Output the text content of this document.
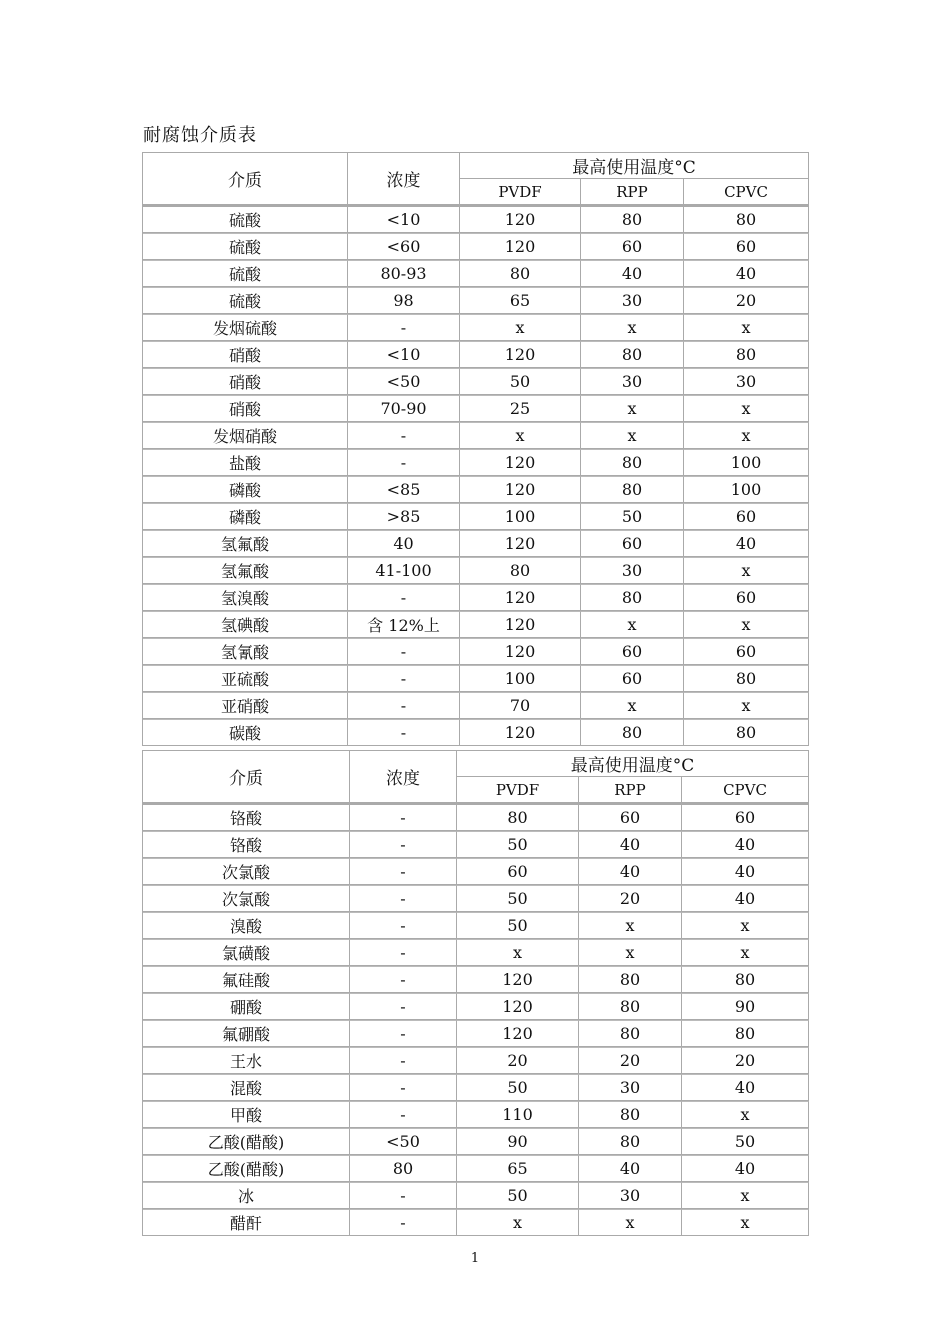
耐腐蚀介质表
介质	浓度	最高使用温度°C		
		PVDF	RPP	CPVC
硫酸	<10	120	80	80
硫酸	<60	120	60	60
硫酸	80-93	80	40	40
硫酸	98	65	30	20
发烟硫酸	-	x	x	x
硝酸	<10	120	80	80
硝酸	<50	50	30	30
硝酸	70-90	25	x	x
发烟硝酸	-	x	x	x
盐酸	-	120	80	100
磷酸	<85	120	80	100
磷酸	>85	100	50	60
氢氟酸	40	120	60	40
氢氟酸	41-100	80	30	x
氢溴酸	-	120	80	60
氢碘酸	含 12%上	120	x	x
氢氰酸	-	120	60	60
亚硫酸	-	100	60	80
亚硝酸	-	70	x	x
碳酸	-	120	80	80
介质	浓度	最高使用温度°C		
		PVDF	RPP	CPVC
铬酸	-	80	60	60
铬酸	-	50	40	40
次氯酸	-	60	40	40
次氯酸	-	50	20	40
溴酸	-	50	x	x
氯磺酸	-	x	x	x
氟硅酸	-	120	80	80
硼酸	-	120	80	90
氟硼酸	-	120	80	80
王水	-	20	20	20
混酸	-	50	30	40
甲酸	-	110	80	x
乙酸(醋酸)	<50	90	80	50
乙酸(醋酸)	80	65	40	40
冰	-	50	30	x
醋酐	-	x	x	x
1
